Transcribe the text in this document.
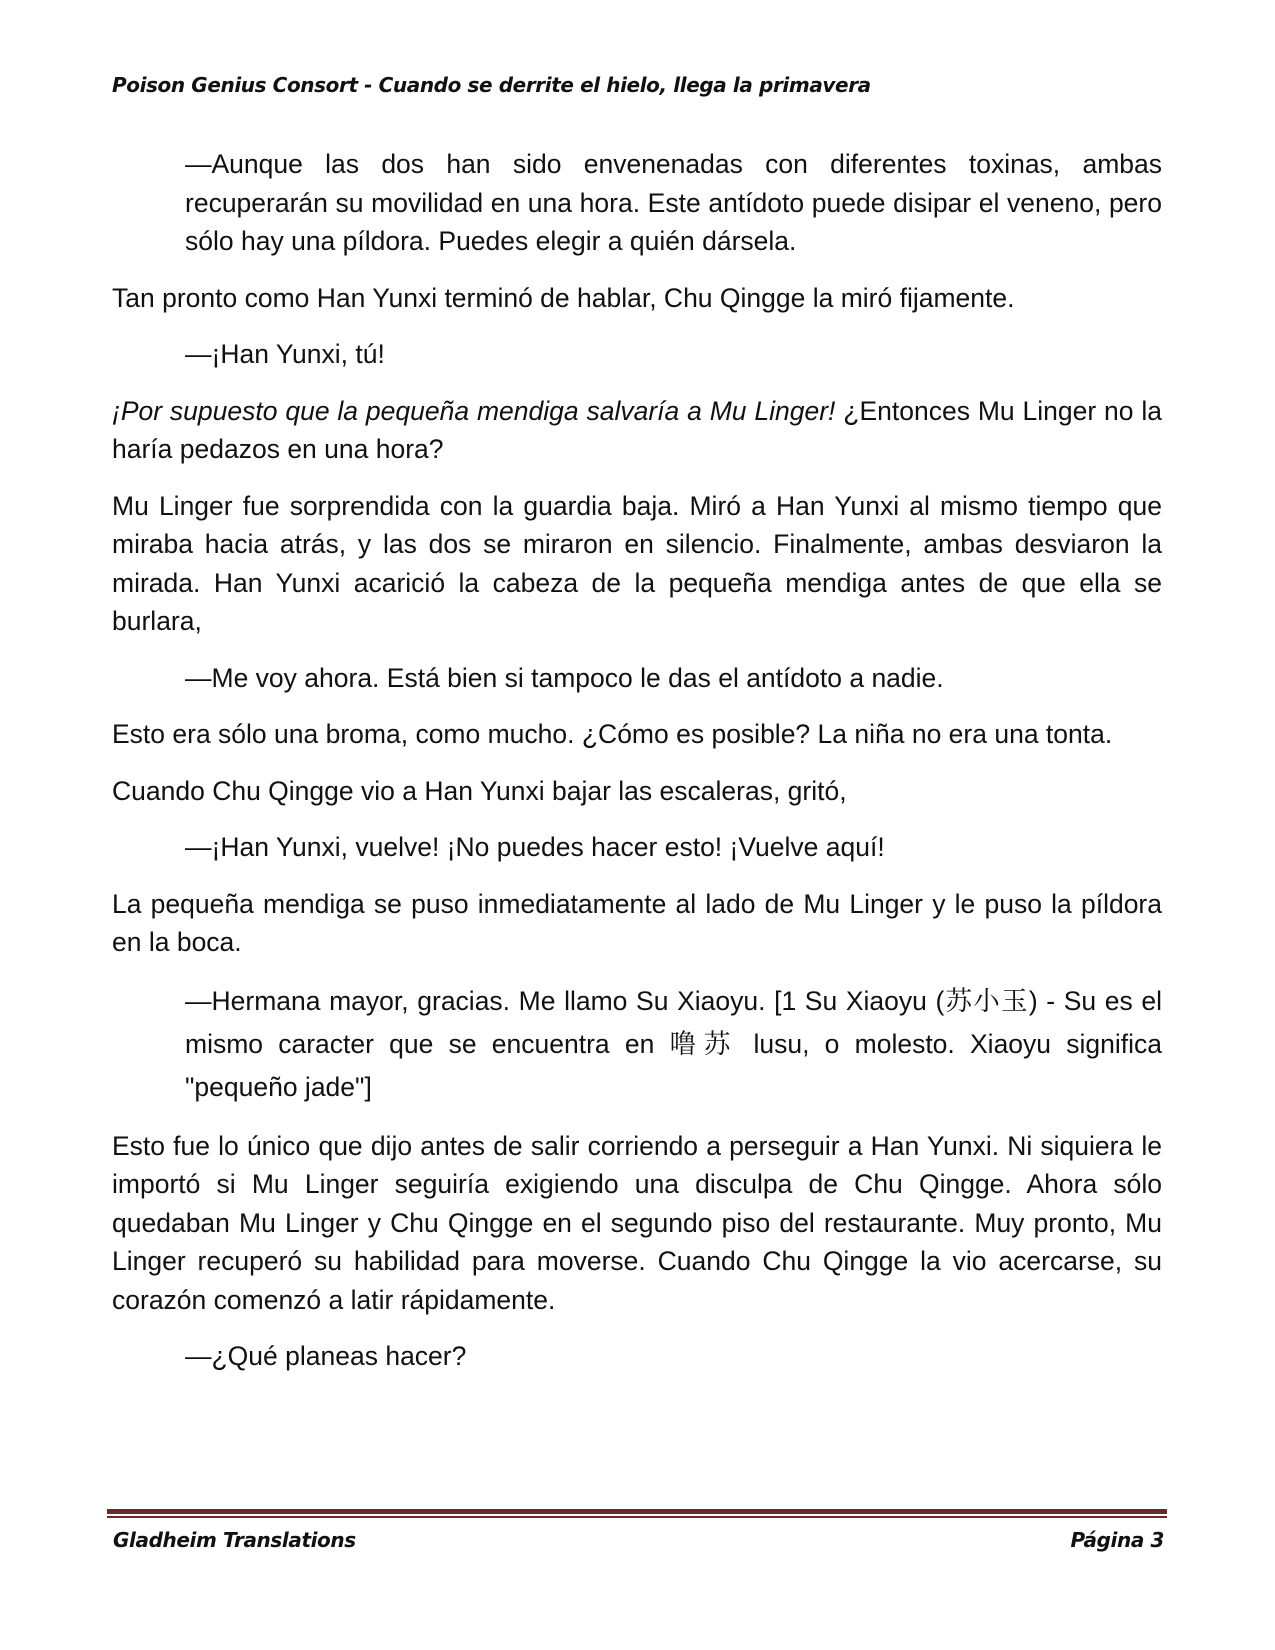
Poison Genius Consort - Cuando se derrite el hielo, llega la primavera

—Aunque las dos han sido envenenadas con diferentes toxinas, ambas recuperarán su movilidad en una hora. Este antídoto puede disipar el veneno, pero sólo hay una píldora. Puedes elegir a quién dársela.

Tan pronto como Han Yunxi terminó de hablar, Chu Qingge la miró fijamente.

—¡Han Yunxi, tú!

¡Por supuesto que la pequeña mendiga salvaría a Mu Linger! ¿Entonces Mu Linger no la haría pedazos en una hora?

Mu Linger fue sorprendida con la guardia baja. Miró a Han Yunxi al mismo tiempo que miraba hacia atrás, y las dos se miraron en silencio. Finalmente, ambas desviaron la mirada. Han Yunxi acarició la cabeza de la pequeña mendiga antes de que ella se burlara,

—Me voy ahora. Está bien si tampoco le das el antídoto a nadie.

Esto era sólo una broma, como mucho. ¿Cómo es posible? La niña no era una tonta.

Cuando Chu Qingge vio a Han Yunxi bajar las escaleras, gritó,

—¡Han Yunxi, vuelve! ¡No puedes hacer esto! ¡Vuelve aquí!

La pequeña mendiga se puso inmediatamente al lado de Mu Linger y le puso la píldora en la boca.

—Hermana mayor, gracias. Me llamo Su Xiaoyu. [1 Su Xiaoyu (苏小玉) - Su es el mismo caracter que se encuentra en 噜苏 lusu, o molesto. Xiaoyu significa "pequeño jade"]

Esto fue lo único que dijo antes de salir corriendo a perseguir a Han Yunxi. Ni siquiera le importó si Mu Linger seguiría exigiendo una disculpa de Chu Qingge. Ahora sólo quedaban Mu Linger y Chu Qingge en el segundo piso del restaurante. Muy pronto, Mu Linger recuperó su habilidad para moverse. Cuando Chu Qingge la vio acercarse, su corazón comenzó a latir rápidamente.

—¿Qué planeas hacer?

Gladheim Translations	Página 3
